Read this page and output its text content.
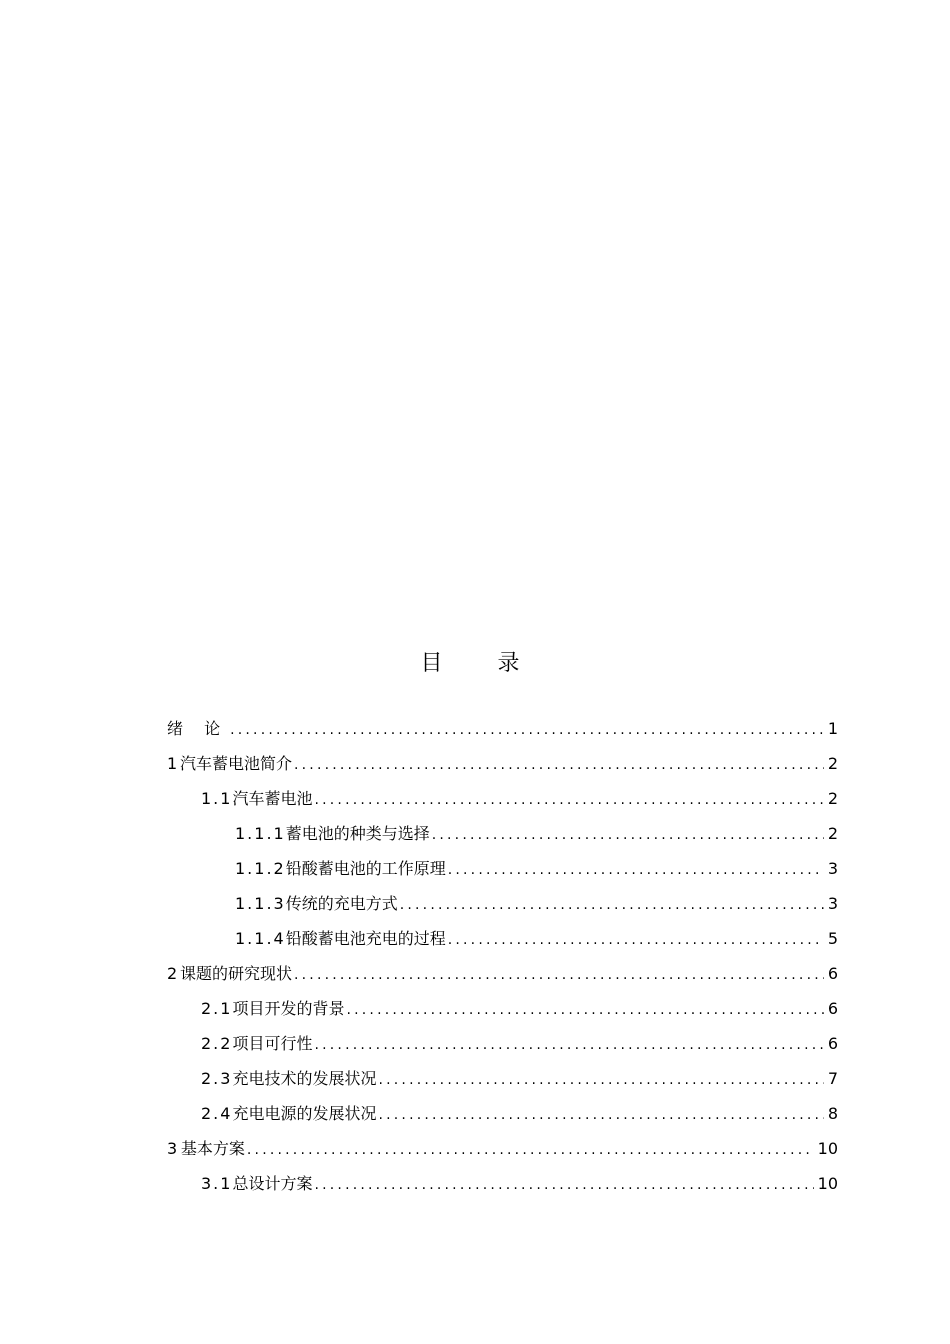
目 录
绪 论 .....	1
1 汽车蓄电池简介 .....	2
1.1 汽车蓄电池 .....	2
1.1.1 蓄电池的种类与选择 .....	2
1.1.2 铅酸蓄电池的工作原理 .....	3
1.1.3 传统的充电方式 .....	3
1.1.4 铅酸蓄电池充电的过程 .....	5
2 课题的研究现状 .....	6
2.1 项目开发的背景 .....	6
2.2 项目可行性 .....	6
2.3 充电技术的发展状况 .....	7
2.4 充电电源的发展状况 .....	8
3 基本方案 .....	10
3.1 总设计方案 .....	10
